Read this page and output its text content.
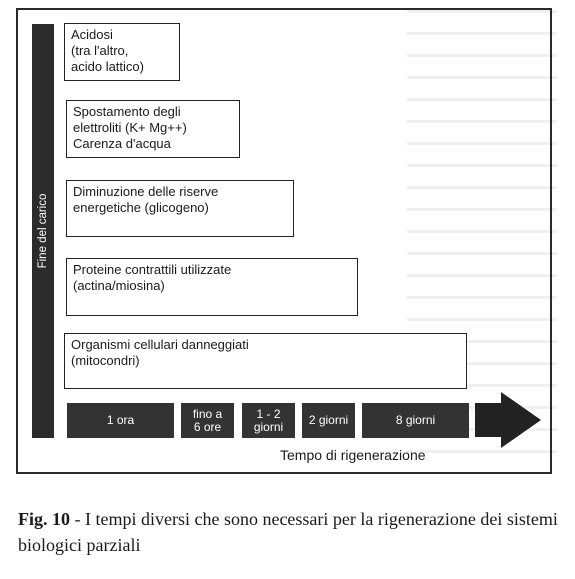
Fine del carico
Acidosi
(tra l'altro,
acido lattico)
Spostamento degli
elettroliti (K+ Mg++)
Carenza d'acqua
Diminuzione delle riserve
energetiche (glicogeno)
Proteine contrattili utilizzate
(actina/miosina)
Organismi cellulari danneggiati
(mitocondri)
1 ora	fino a
6 ore
1 - 2
giorni	2 giorni	8 giorni
Tempo di rigenerazione
Fig. 10 - I tempi diversi che sono necessari per la rigenerazione dei sistemi biologici parziali
